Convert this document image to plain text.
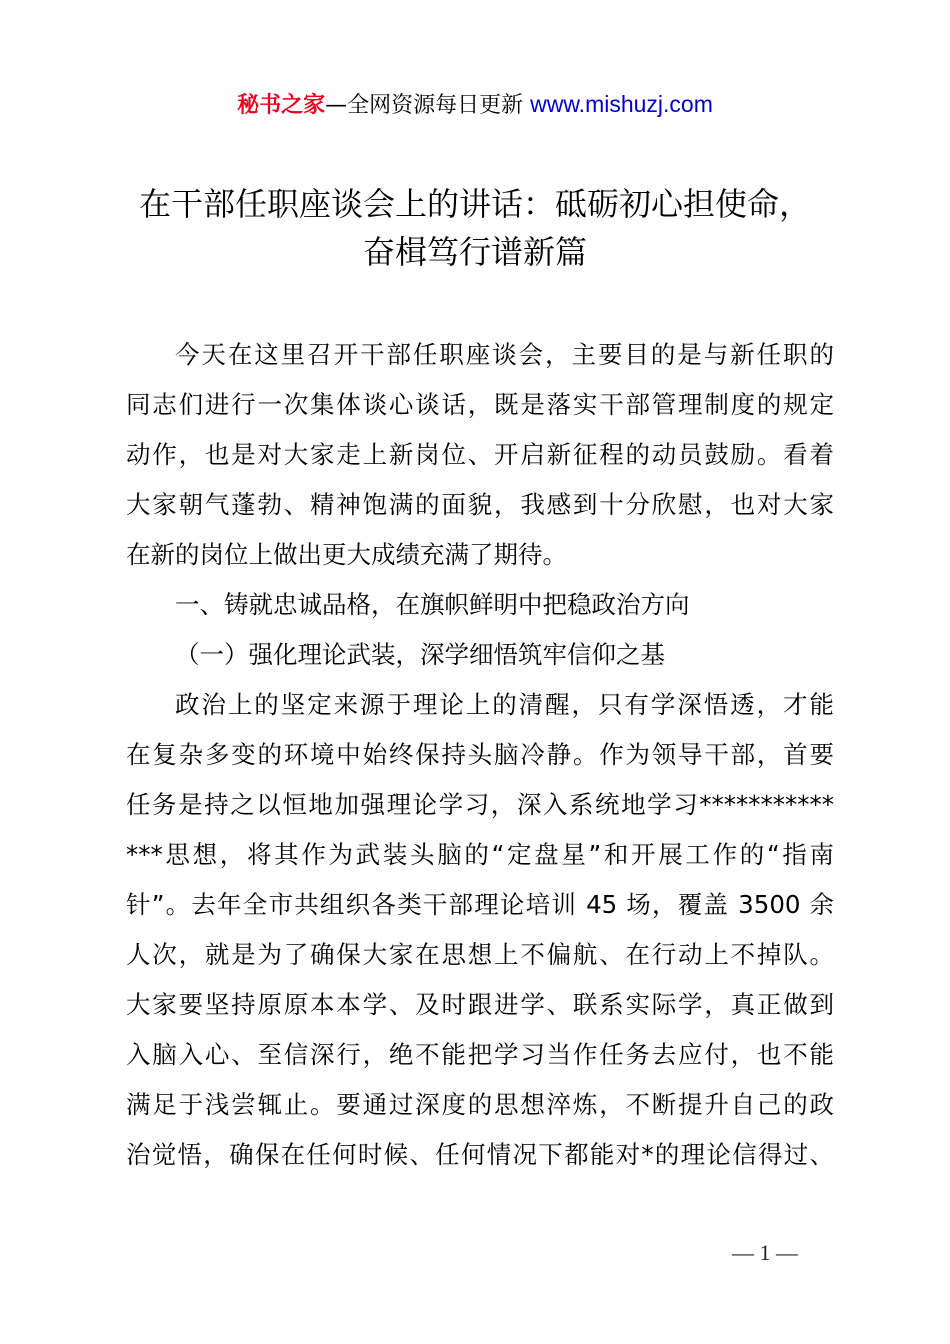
秘书之家—全网资源每日更新 www.mishuzj.com
在干部任职座谈会上的讲话：砥砺初心担使命，
奋楫笃行谱新篇
今天在这里召开干部任职座谈会，主要目的是与新任职的
同志们进行一次集体谈心谈话，既是落实干部管理制度的规定
动作，也是对大家走上新岗位、开启新征程的动员鼓励。看着
大家朝气蓬勃、精神饱满的面貌，我感到十分欣慰，也对大家
在新的岗位上做出更大成绩充满了期待。
一、铸就忠诚品格，在旗帜鲜明中把稳政治方向
（一）强化理论武装，深学细悟筑牢信仰之基
政治上的坚定来源于理论上的清醒，只有学深悟透，才能
在复杂多变的环境中始终保持头脑冷静。作为领导干部，首要
任务是持之以恒地加强理论学习，深入系统地学习***********
***思想，将其作为武装头脑的“定盘星”和开展工作的“指南
针”。去年全市共组织各类干部理论培训 45 场，覆盖 3500 余
人次，就是为了确保大家在思想上不偏航、在行动上不掉队。
大家要坚持原原本本学、及时跟进学、联系实际学，真正做到
入脑入心、至信深行，绝不能把学习当作任务去应付，也不能
满足于浅尝辄止。要通过深度的思想淬炼，不断提升自己的政
治觉悟，确保在任何时候、任何情况下都能对*的理论信得过、
— 1 —
